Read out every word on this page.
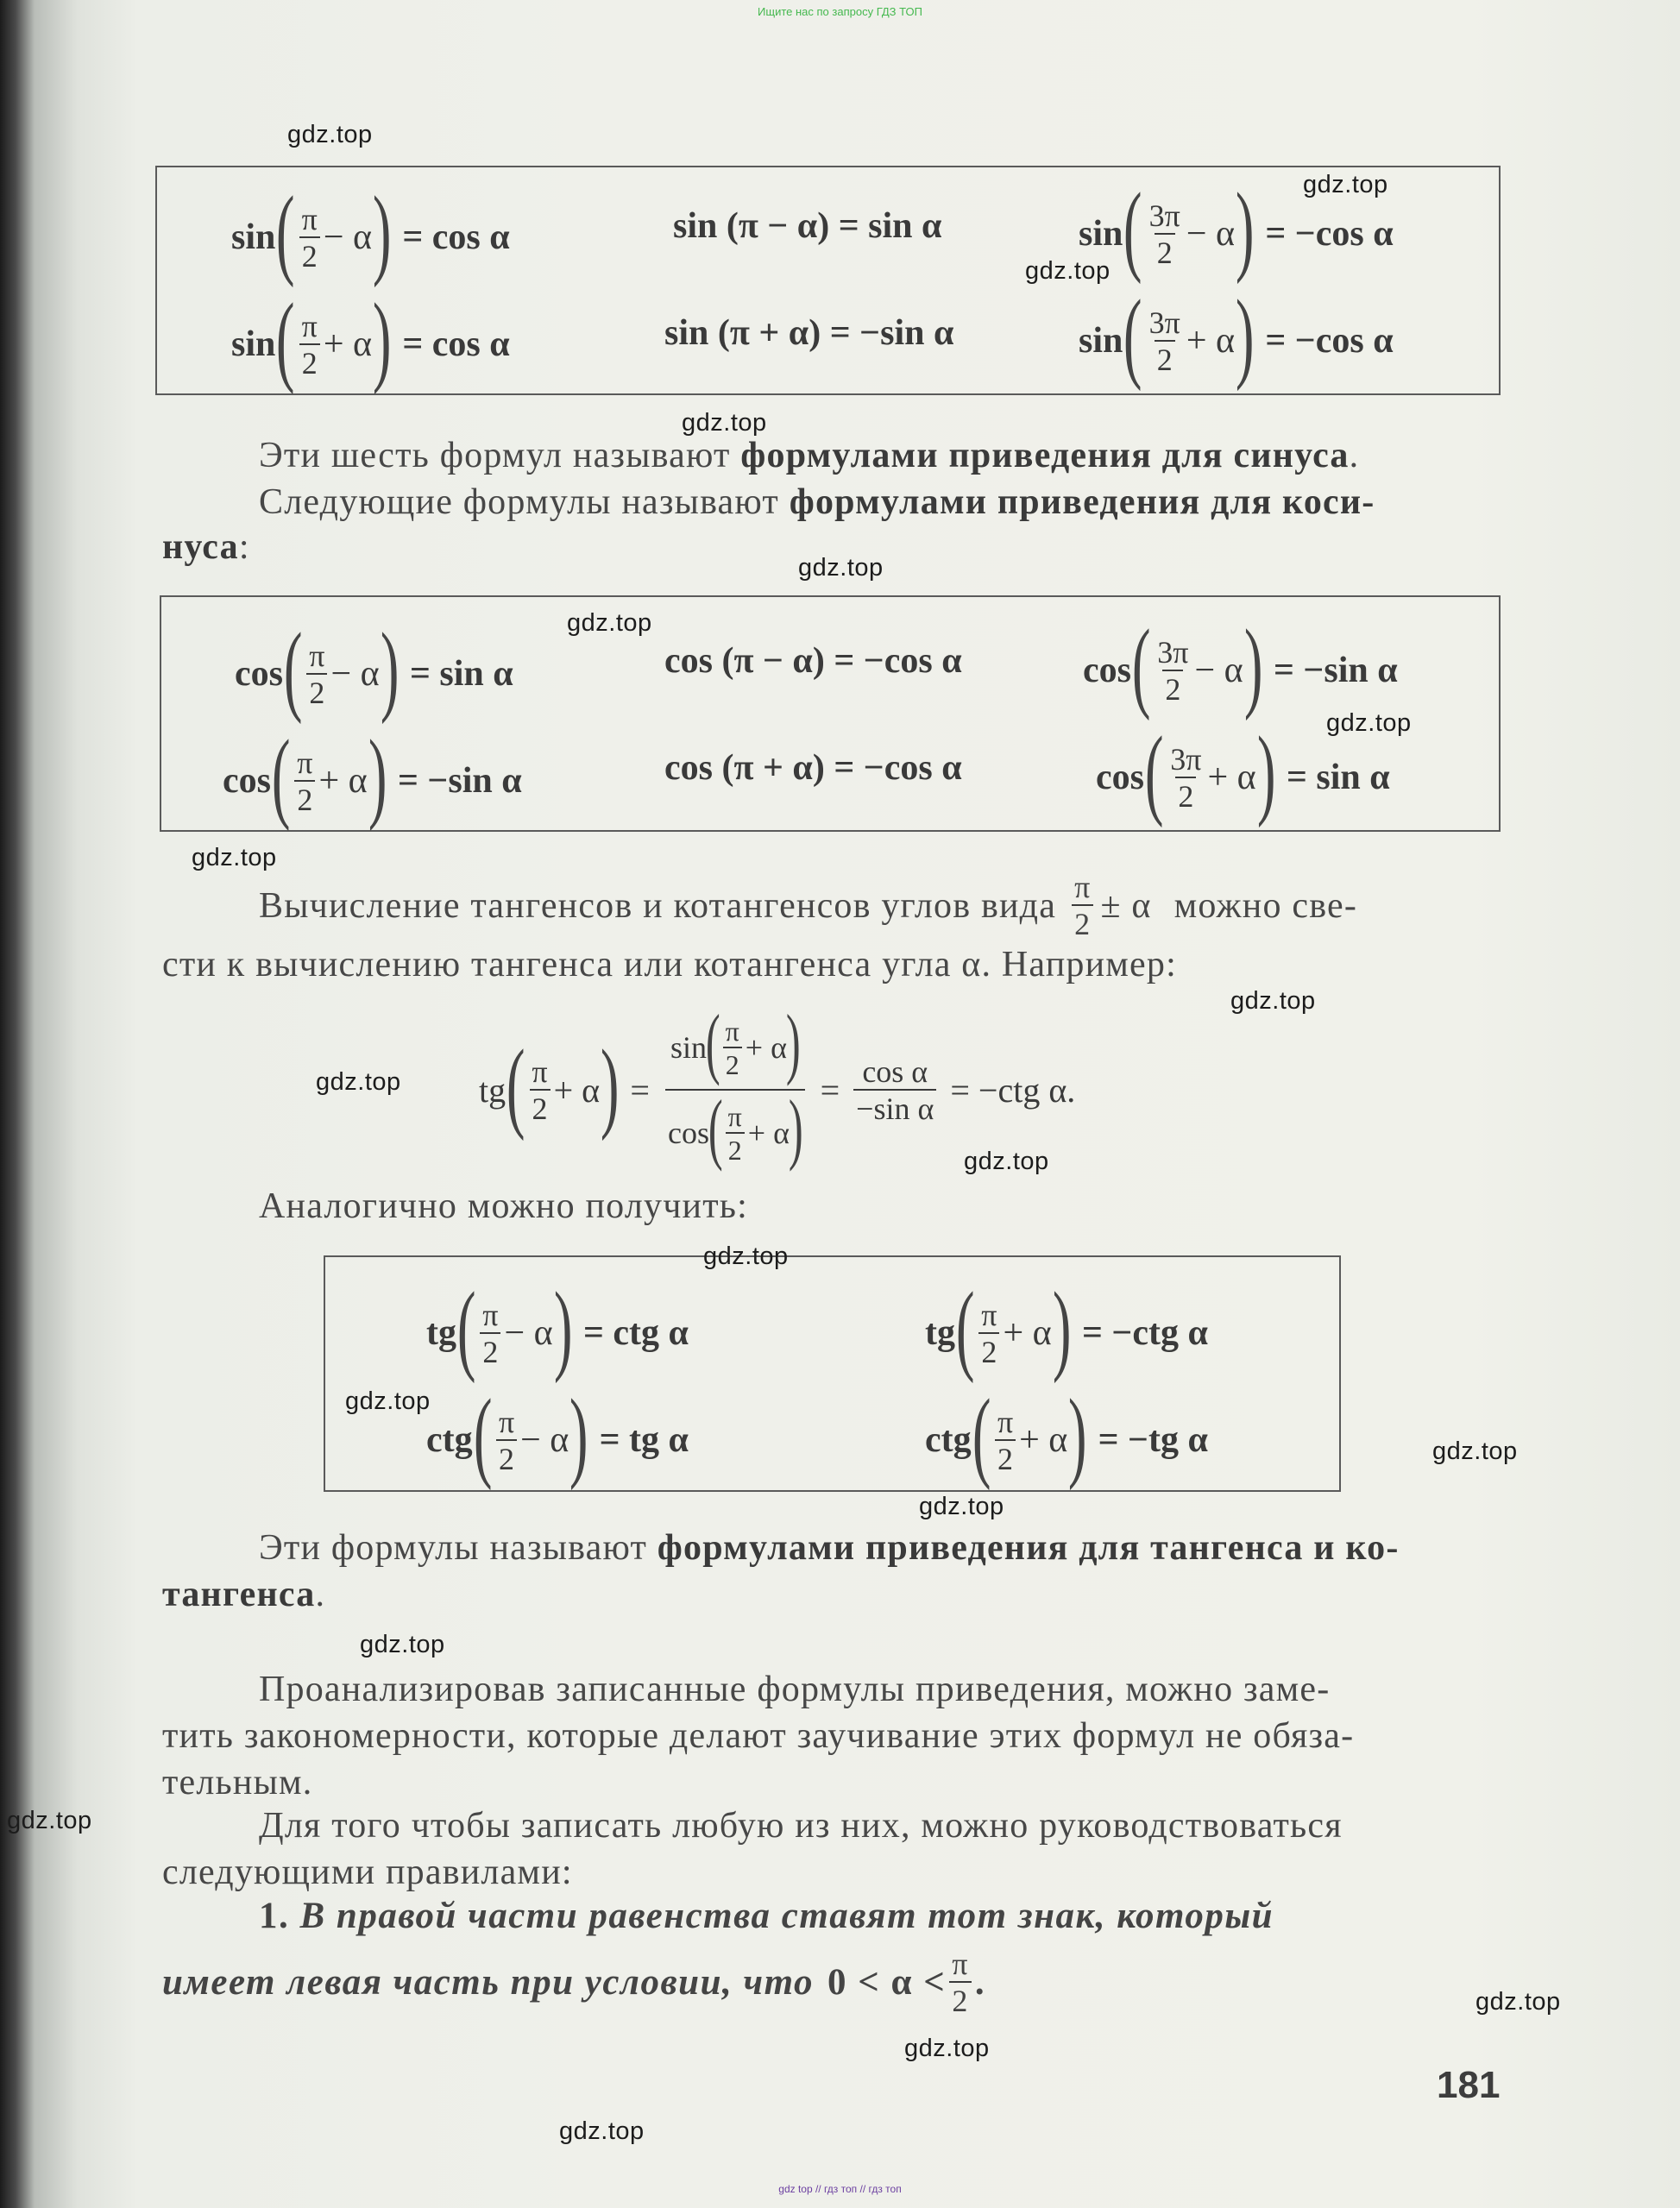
Ищите нас по запросу ГДЗ ТОП
sin ( $\frac{\pi}{2} - \alpha$ ) = cos α	sin (π − α) = sin α	sin ( $\frac{3\pi}{2} - \alpha$ ) = −cos α
sin ( $\frac{\pi}{2} + \alpha$ ) = cos α	sin (π + α) = −sin α	sin ( $\frac{3\pi}{2} + \alpha$ ) = −cos α
Эти шесть формул называют формулами приведения для синуса.
Следующие формулы называют формулами приведения для коси-
нуса:
cos ( $\frac{\pi}{2} - \alpha$ ) = sin α	cos (π − α) = −cos α	cos ( $\frac{3\pi}{2} - \alpha$ ) = −sin α
cos ( $\frac{\pi}{2} + \alpha$ ) = −sin α	cos (π + α) = −cos α	cos ( $\frac{3\pi}{2} + \alpha$ ) = sin α
Вычисление тангенсов и котангенсов углов вида $\frac{\pi}{2} \pm \alpha$ можно све-
сти к вычислению тангенса или котангенса угла α. Например:
tg ( $\frac{\pi}{2} + \alpha$ ) = sin
( $\frac{\pi}{2} + \alpha$
)
cos
( $\frac{\pi}{2} + \alpha$
) = $\frac{\text{cos α}}{\text{−sin α}} = -ctg$ α.
Аналогично можно получить:
tg ( $\frac{\pi}{2} - \alpha$ ) = ctg α	tg ( $\frac{\pi}{2} + \alpha$ ) = −ctg α
ctg ( $\frac{\pi}{2} - \alpha$ ) = tg α	ctg ( $\frac{\pi}{2} + \alpha$ ) = −tg α
Эти формулы называют формулами приведения для тангенса и ко-
тангенса.
Проанализировав записанные формулы приведения, можно заме-
тить закономерности, которые делают заучивание этих формул не обяза-
тельным.
Для того чтобы записать любую из них, можно руководствоваться
следующими правилами:
1. В правой части равенства ставят тот знак, который
имеет левая часть при условии, что $0 < \alpha < \frac{\pi}{2}$ .
181
gdz.top
gdz.top
gdz.top
gdz.top
gdz.top
gdz.top
gdz.top
gdz.top
gdz.top
gdz.top
gdz.top
gdz.top
gdz.top
gdz.top
gdz.top
gdz.top
gdz.top
gdz.top
gdz.top
gdz.top
gdz top // гдз топ // гдз топ
